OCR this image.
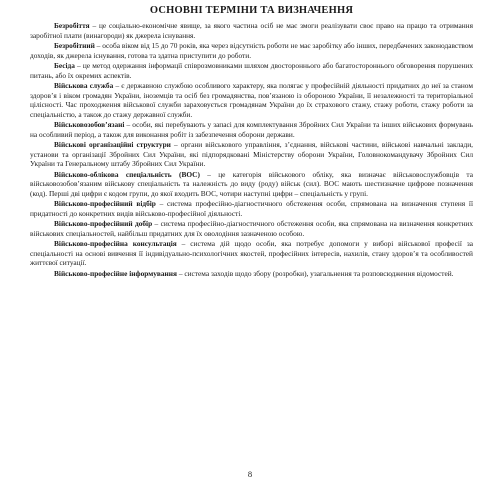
ОСНОВНІ ТЕРМІНИ ТА ВИЗНАЧЕННЯ

Безробіття – це соціально-економічне явище, за якого частина осіб не має змоги реалізувати своє право на працю та отримання заробітної плати (винагороди) як джерела існування.

Безробітний – особа віком від 15 до 70 років, яка через відсутність роботи не має заробітку або інших, передбачених законодавством доходів, як джерела існування, готова та здатна приступити до роботи.

Бесіда – це метод одержання інформації співрозмовниками шляхом двостороннього або багатостороннього обговорення порушених питань, або їх окремих аспектів.

Військова служба – є державною службою особливого характеру, яка полягає у професійній діяльності придатних до неї за станом здоров’я і віком громадян України, іноземців та осіб без громадянства, пов’язаною із обороною України, її незалежності та територіальної цілісності. Час проходження військової служби зараховується громадянам України до їх страхового стажу, стажу роботи, стажу роботи за спеціальністю, а також до стажу державної служби.

Військовозобов’язані – особи, які перебувають у запасі для комплектування Збройних Сил України та інших військових формувань на особливий період, а також для виконання робіт із забезпечення оборони держави.

Військові організаційні структури – органи військового управління, з’єднання, військові частини, військові навчальні заклади, установи та організації Збройних Сил України, які підпорядковані Міністерству оборони України, Головнокомандувачу Збройних Сил України та Генеральному штабу Збройних Сил України.

Військово-облікова спеціальність (ВОС) – це категорія військового обліку, яка визначає військовослужбовців та військовозобов’язаним військову спеціальність та належність до виду (роду) військ (сил). ВОС мають шестизначне цифрове позначення (код). Перші дві цифри є кодом групи, до якої входить ВОС, чотири наступні цифри – спеціальність у групі.

Військово-професійний відбір – система професійно-діагностичного обстеження особи, спрямована на визначення ступеня її придатності до конкретних видів військово-професійної діяльності.

Військово-професійний добір – система професійно-діагностичного обстеження особи, яка спрямована на визначення конкретних військових спеціальностей, найбільш придатних для їх оволодіння зазначеною особою.

Військово-професійна консультація – система дій щодо особи, яка потребує допомоги у виборі військової професії за спеціальності на основі вивчення її індивідуально-психологічних якостей, професійних інтересів, нахилів, стану здоров’я та особливостей життєвої ситуації.

Військово-професійне інформування – система заходів щодо збору (розробки), узагальнення та розповсюдження відомостей.

8
